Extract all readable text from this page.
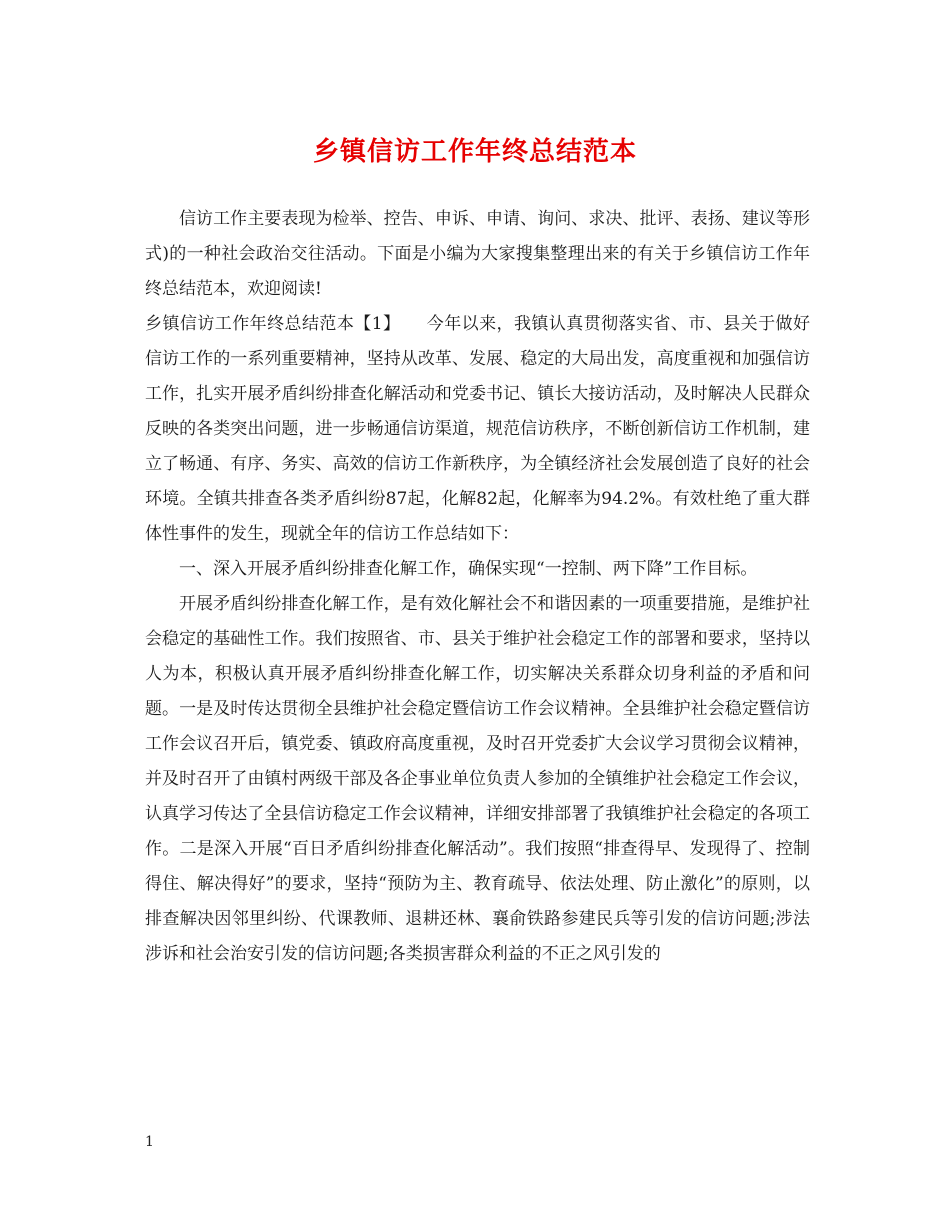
乡镇信访工作年终总结范本

信访工作主要表现为检举、控告、申诉、申请、询问、求决、批评、表扬、建议等形式)的一种社会政治交往活动。下面是小编为大家搜集整理出来的有关于乡镇信访工作年终总结范本，欢迎阅读!

乡镇信访工作年终总结范本【1】　　今年以来，我镇认真贯彻落实省、市、县关于做好信访工作的一系列重要精神，坚持从改革、发展、稳定的大局出发，高度重视和加强信访工作，扎实开展矛盾纠纷排查化解活动和党委书记、镇长大接访活动，及时解决人民群众反映的各类突出问题，进一步畅通信访渠道，规范信访秩序，不断创新信访工作机制，建立了畅通、有序、务实、高效的信访工作新秩序，为全镇经济社会发展创造了良好的社会环境。全镇共排查各类矛盾纠纷87起，化解82起，化解率为94.2%。有效杜绝了重大群体性事件的发生，现就全年的信访工作总结如下：

一、深入开展矛盾纠纷排查化解工作，确保实现“一控制、两下降”工作目标。

开展矛盾纠纷排查化解工作，是有效化解社会不和谐因素的一项重要措施，是维护社会稳定的基础性工作。我们按照省、市、县关于维护社会稳定工作的部署和要求，坚持以人为本，积极认真开展矛盾纠纷排查化解工作，切实解决关系群众切身利益的矛盾和问题。一是及时传达贯彻全县维护社会稳定暨信访工作会议精神。全县维护社会稳定暨信访工作会议召开后，镇党委、镇政府高度重视，及时召开党委扩大会议学习贯彻会议精神，并及时召开了由镇村两级干部及各企事业单位负责人参加的全镇维护社会稳定工作会议，认真学习传达了全县信访稳定工作会议精神，详细安排部署了我镇维护社会稳定的各项工作。二是深入开展“百日矛盾纠纷排查化解活动”。我们按照“排查得早、发现得了、控制得住、解决得好”的要求，坚持“预防为主、教育疏导、依法处理、防止激化”的原则，以排查解决因邻里纠纷、代课教师、退耕还林、襄俞铁路参建民兵等引发的信访问题;涉法涉诉和社会治安引发的信访问题;各类损害群众利益的不正之风引发的

1
